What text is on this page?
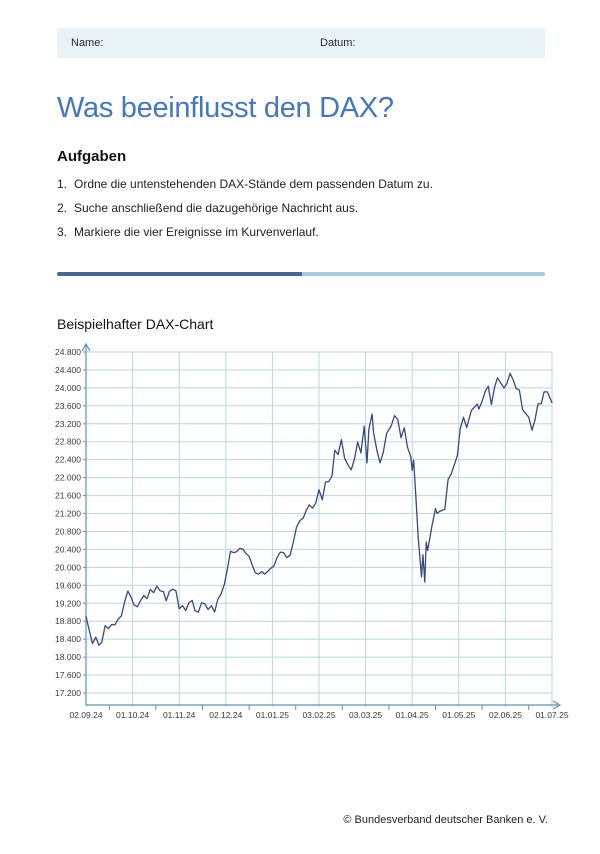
Name:	Datum:
Was beeinflusst den DAX?
Aufgaben
1. Ordne die untenstehenden DAX-Stände dem passenden Datum zu.
2. Suche anschließend die dazugehörige Nachricht aus.
3. Markiere die vier Ereignisse im Kurvenverlauf.
Beispielhafter DAX-Chart
24.800
24.400
24.000
23.600
23.200
22.800
22.400
22.000
21.600
21.200
20.800
20.400
20.000
19.600
19.200
18.800
18.400
18.000
17.600
17.200
02.09.24 01.10.24 01.11.24 02.12.24 01.01.25 03.02.25 03.03.25 01.04.25 01.05.25 02.06.25 01.07.25
© Bundesverband deutscher Banken e. V.
